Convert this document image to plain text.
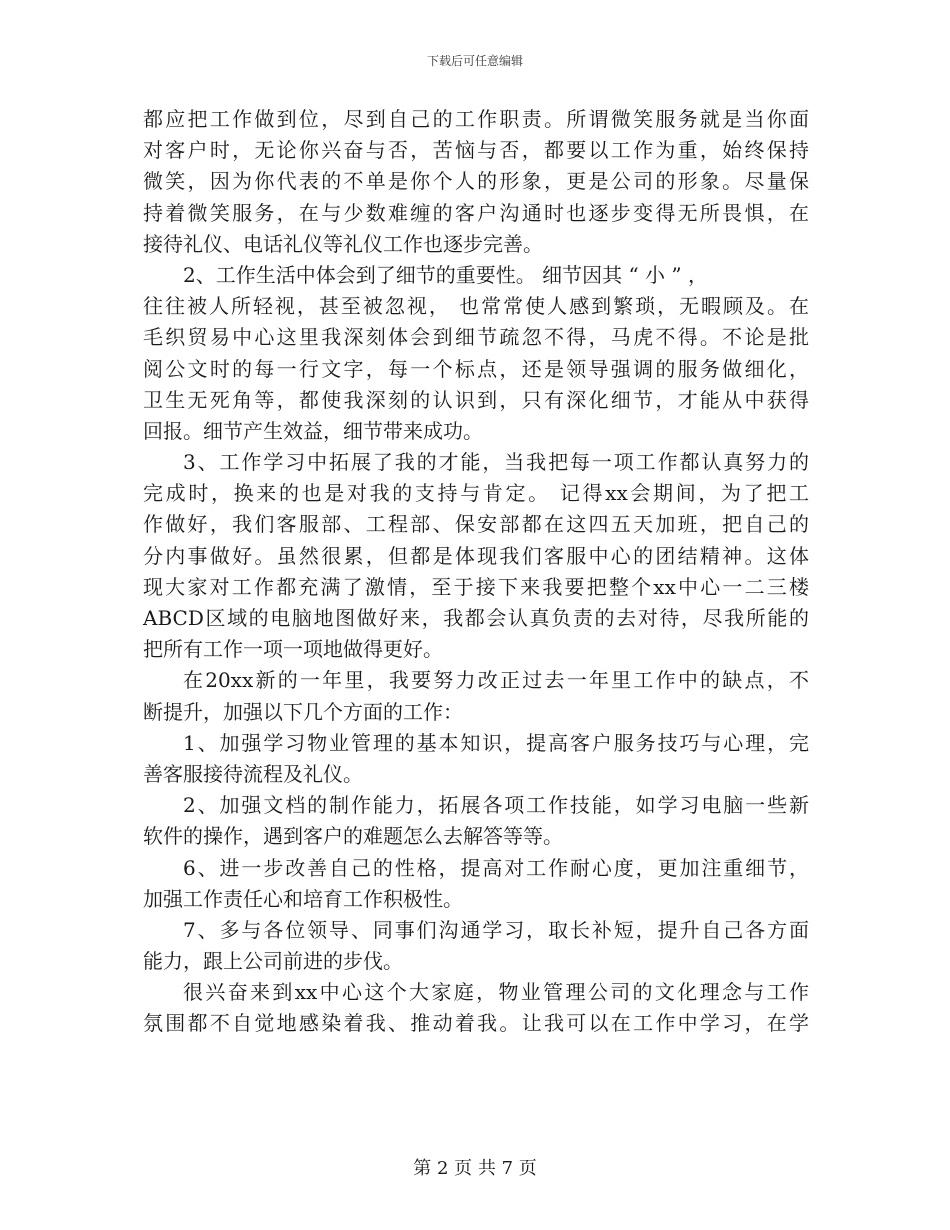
下载后可任意编辑
都应把工作做到位，尽到自己的工作职责。所谓微笑服务就是当你面
对客户时，无论你兴奋与否，苦恼与否，都要以工作为重，始终保持
微笑，因为你代表的不单是你个人的形象，更是公司的形象。尽量保
持着微笑服务，在与少数难缠的客户沟通时也逐步变得无所畏惧，在
接待礼仪、电话礼仪等礼仪工作也逐步完善。
2、工作生活中体会到了细节的重要性。 细节因其 “ 小 ” ，
往往被人所轻视，甚至被忽视， 也常常使人感到繁琐，无暇顾及。在
毛织贸易中心这里我深刻体会到细节疏忽不得，马虎不得。不论是批
阅公文时的每一行文字，每一个标点，还是领导强调的服务做细化，
卫生无死角等，都使我深刻的认识到，只有深化细节，才能从中获得
回报。细节产生效益，细节带来成功。
3、工作学习中拓展了我的才能，当我把每一项工作都认真努力的
完成时，换来的也是对我的支持与肯定。 记得xx会期间，为了把工
作做好，我们客服部、工程部、保安部都在这四五天加班，把自己的
分内事做好。虽然很累，但都是体现我们客服中心的团结精神。这体
现大家对工作都充满了激情，至于接下来我要把整个xx中心一二三楼
ABCD区域的电脑地图做好来，我都会认真负责的去对待，尽我所能的
把所有工作一项一项地做得更好。
在20xx新的一年里，我要努力改正过去一年里工作中的缺点，不
断提升，加强以下几个方面的工作：
1、加强学习物业管理的基本知识，提高客户服务技巧与心理，完
善客服接待流程及礼仪。
2、加强文档的制作能力，拓展各项工作技能，如学习电脑一些新
软件的操作，遇到客户的难题怎么去解答等等。
6、进一步改善自己的性格，提高对工作耐心度，更加注重细节，
加强工作责任心和培育工作积极性。
7、多与各位领导、同事们沟通学习，取长补短，提升自己各方面
能力，跟上公司前进的步伐。
很兴奋来到xx中心这个大家庭，物业管理公司的文化理念与工作
氛围都不自觉地感染着我、推动着我。让我可以在工作中学习，在学
第 2 页 共 7 页
